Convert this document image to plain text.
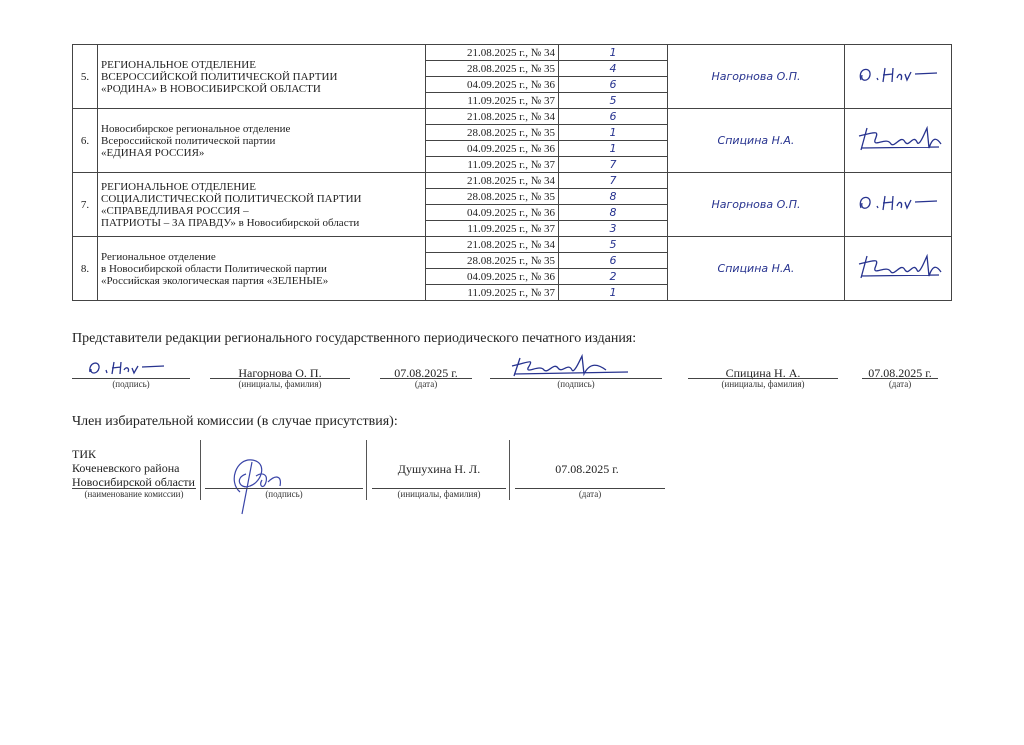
5.	РЕГИОНАЛЬНОЕ ОТДЕЛЕНИЕ
ВСЕРОССИЙСКОЙ ПОЛИТИЧЕСКОЙ ПАРТИИ
«РОДИНА» В НОВОСИБИРСКОЙ ОБЛАСТИ	21.08.2025 г., № 34	1	Нагорнова О.П.	
		28.08.2025 г., № 35	4		
		04.09.2025 г., № 36	6		
		11.09.2025 г., № 37	5		
6.	Новосибирское региональное отделение
Всероссийской политической партии
«ЕДИНАЯ РОССИЯ»	21.08.2025 г., № 34	6	Спицина Н.А.	
		28.08.2025 г., № 35	1		
		04.09.2025 г., № 36	1		
		11.09.2025 г., № 37	7		
7.	РЕГИОНАЛЬНОЕ ОТДЕЛЕНИЕ
СОЦИАЛИСТИЧЕСКОЙ ПОЛИТИЧЕСКОЙ ПАРТИИ
«СПРАВЕДЛИВАЯ РОССИЯ –
ПАТРИОТЫ – ЗА ПРАВДУ» в Новосибирской области	21.08.2025 г., № 34	7	Нагорнова О.П.	
		28.08.2025 г., № 35	8		
		04.09.2025 г., № 36	8		
		11.09.2025 г., № 37	3		
8.	Региональное отделение
в Новосибирской области Политической партии
«Российская экологическая партия «ЗЕЛЕНЫЕ»	21.08.2025 г., № 34	5	Спицина Н.А.	
		28.08.2025 г., № 35	6		
		04.09.2025 г., № 36	2		
		11.09.2025 г., № 37	1		
Представители редакции регионального государственного периодического печатного издания:
(подпись)
Нагорнова О. П.
(инициалы, фамилия)
07.08.2025 г.
(дата)	(подпись)
Спицина Н. А.
(инициалы, фамилия)
07.08.2025 г.
(дата)
Член избирательной комиссии (в случае присутствия):
ТИК
Коченевского района
Новосибирской области
(наименование комиссии)	(подпись)
Душухина Н. Л.
(инициалы, фамилия)
07.08.2025 г.
(дата)
